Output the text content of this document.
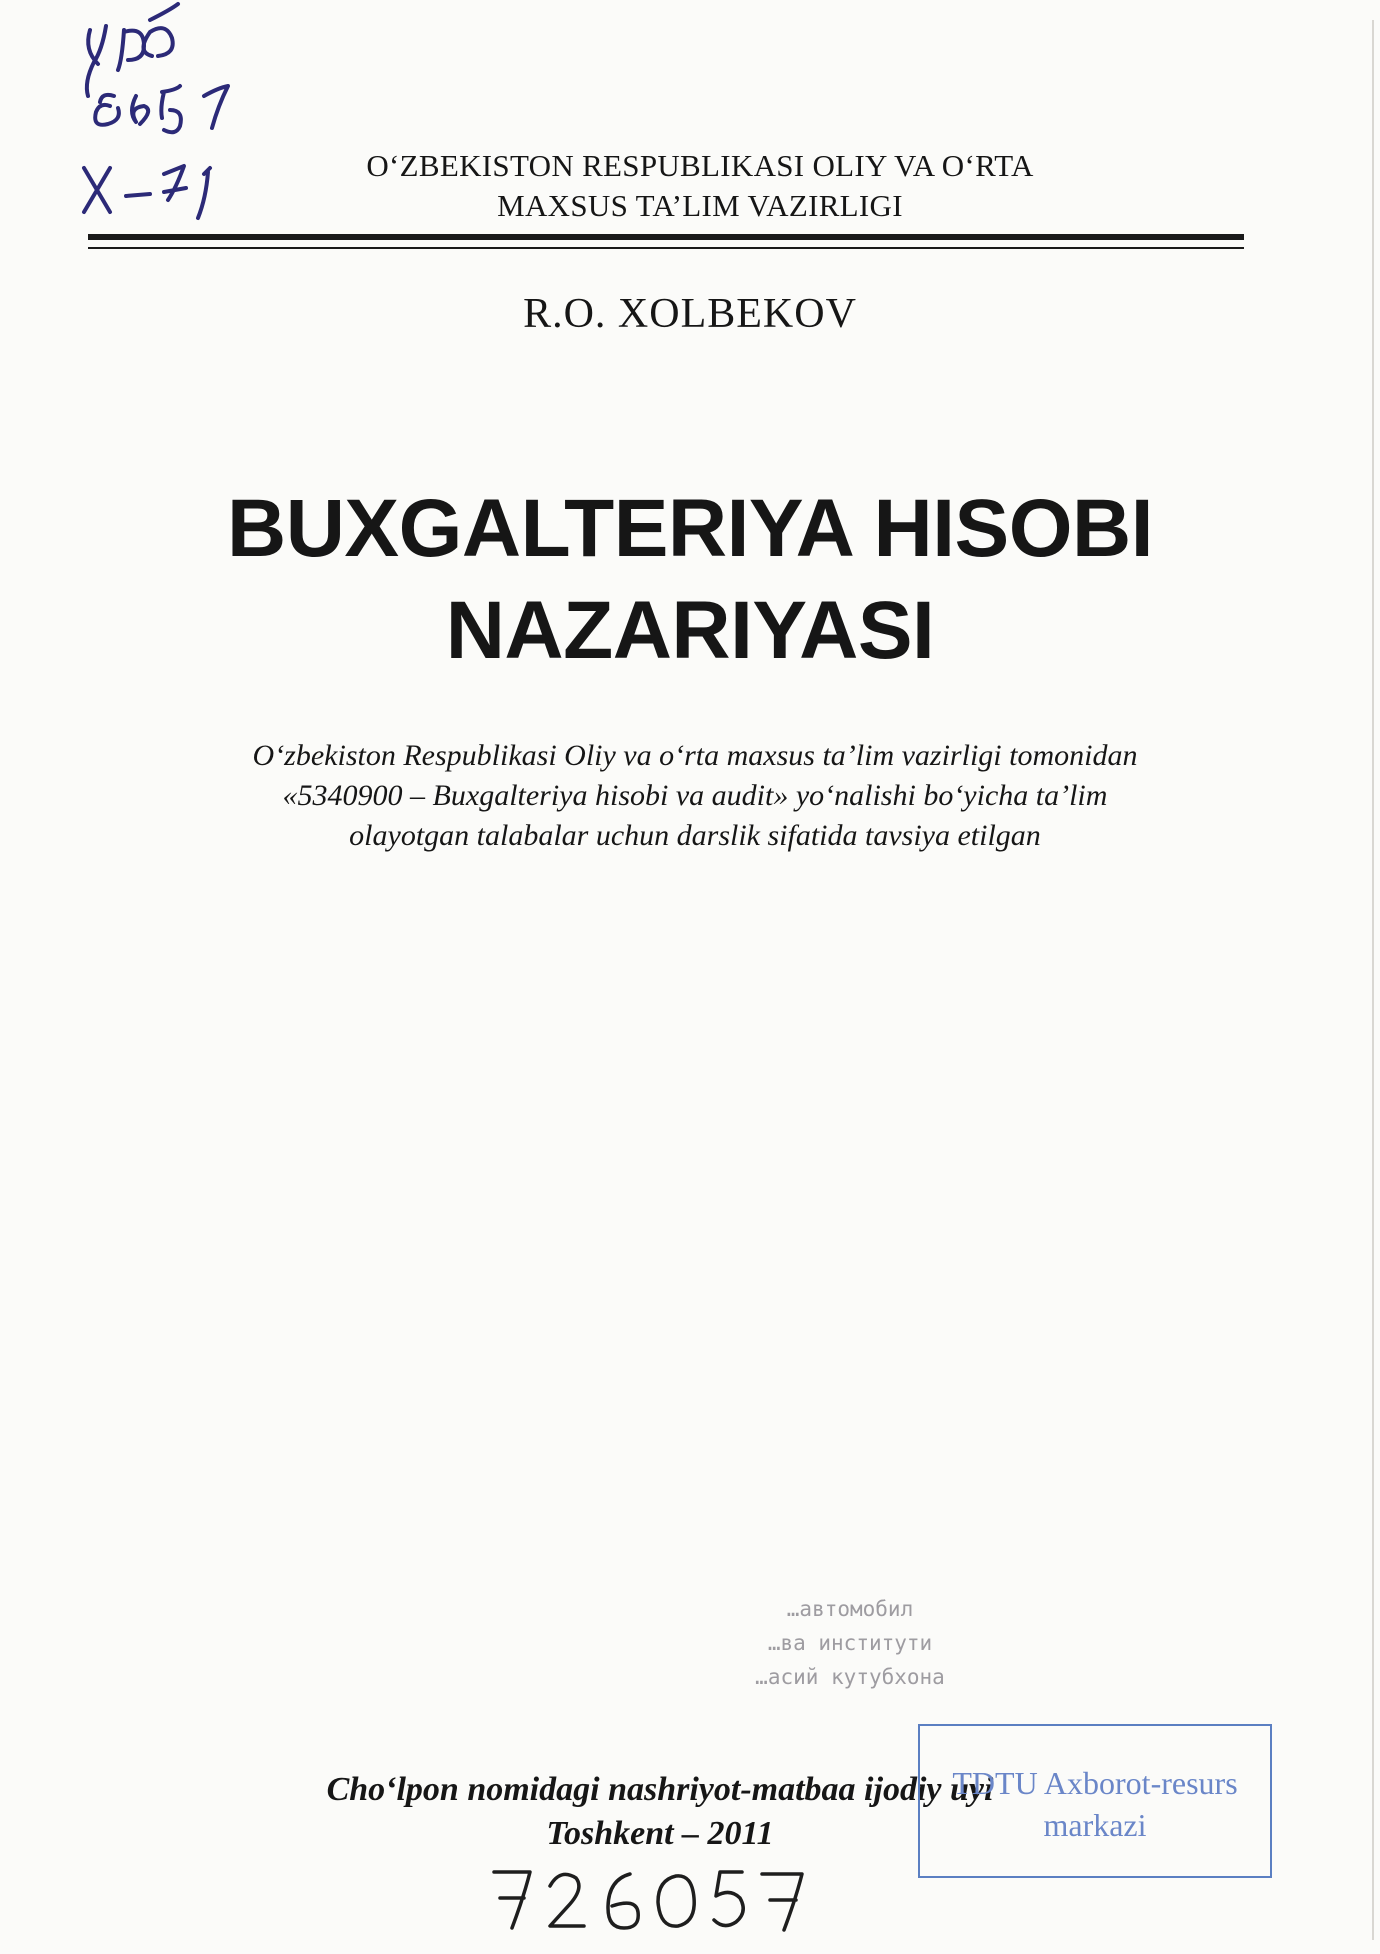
O‘ZBEKISTON RESPUBLIKASI OLIY VA O‘RTA
MAXSUS TA’LIM VAZIRLIGI
R.O. XOLBEKOV
BUXGALTERIYA HISOBI
NAZARIYASI
O‘zbekiston Respublikasi Oliy va o‘rta maxsus ta’lim vazirligi tomonidan
«5340900 – Buxgalteriya hisobi va audit» yo‘nalishi bo‘yicha ta’lim
olayotgan talabalar uchun darslik sifatida tavsiya etilgan
…автомобил
…ва институти
…асий кутубхона
Cho‘lpon nomidagi nashriyot-matbaa ijodiy uyi
Toshkent – 2011
TDTU Axborot-resurs
markazi
